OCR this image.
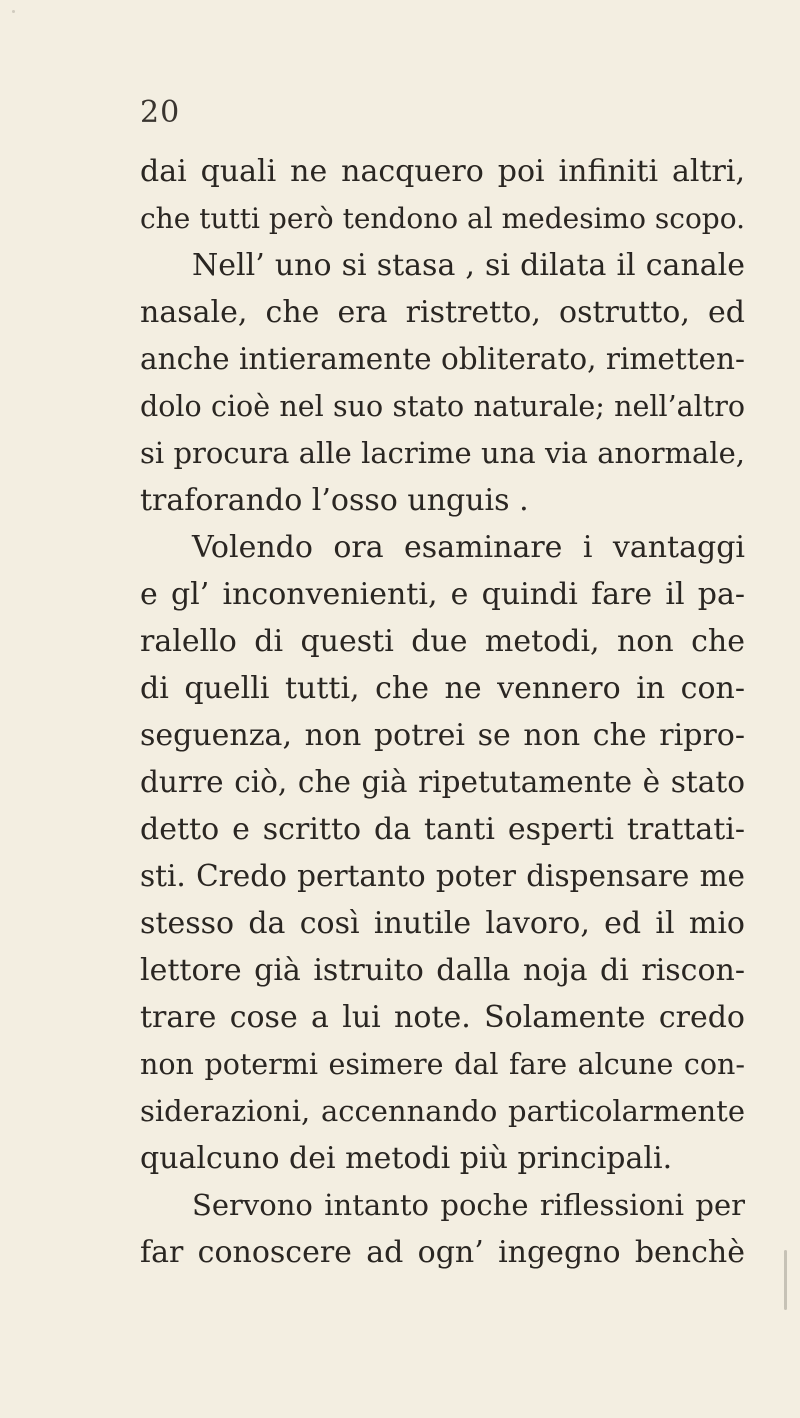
20
dai quali ne nacquero poi infiniti altri,
che tutti però tendono al medesimo scopo.
Nell’ uno si stasa , si dilata il canale
nasale, che era ristretto, ostrutto, ed
anche intieramente obliterato, rimetten-
dolo cioè nel suo stato naturale; nell’altro
si procura alle lacrime una via anormale,
traforando l’osso unguis .
Volendo ora esaminare i vantaggi
e gl’ inconvenienti, e quindi fare il pa-
ralello di questi due metodi, non che
di quelli tutti, che ne vennero in con-
seguenza, non potrei se non che ripro-
durre ciò, che già ripetutamente è stato
detto e scritto da tanti esperti trattati-
sti. Credo pertanto poter dispensare me
stesso da così inutile lavoro, ed il mio
lettore già istruito dalla noja di riscon-
trare cose a lui note. Solamente credo
non potermi esimere dal fare alcune con-
siderazioni, accennando particolarmente
qualcuno dei metodi più principali.
Servono intanto poche riflessioni per
far conoscere ad ogn’ ingegno benchè
